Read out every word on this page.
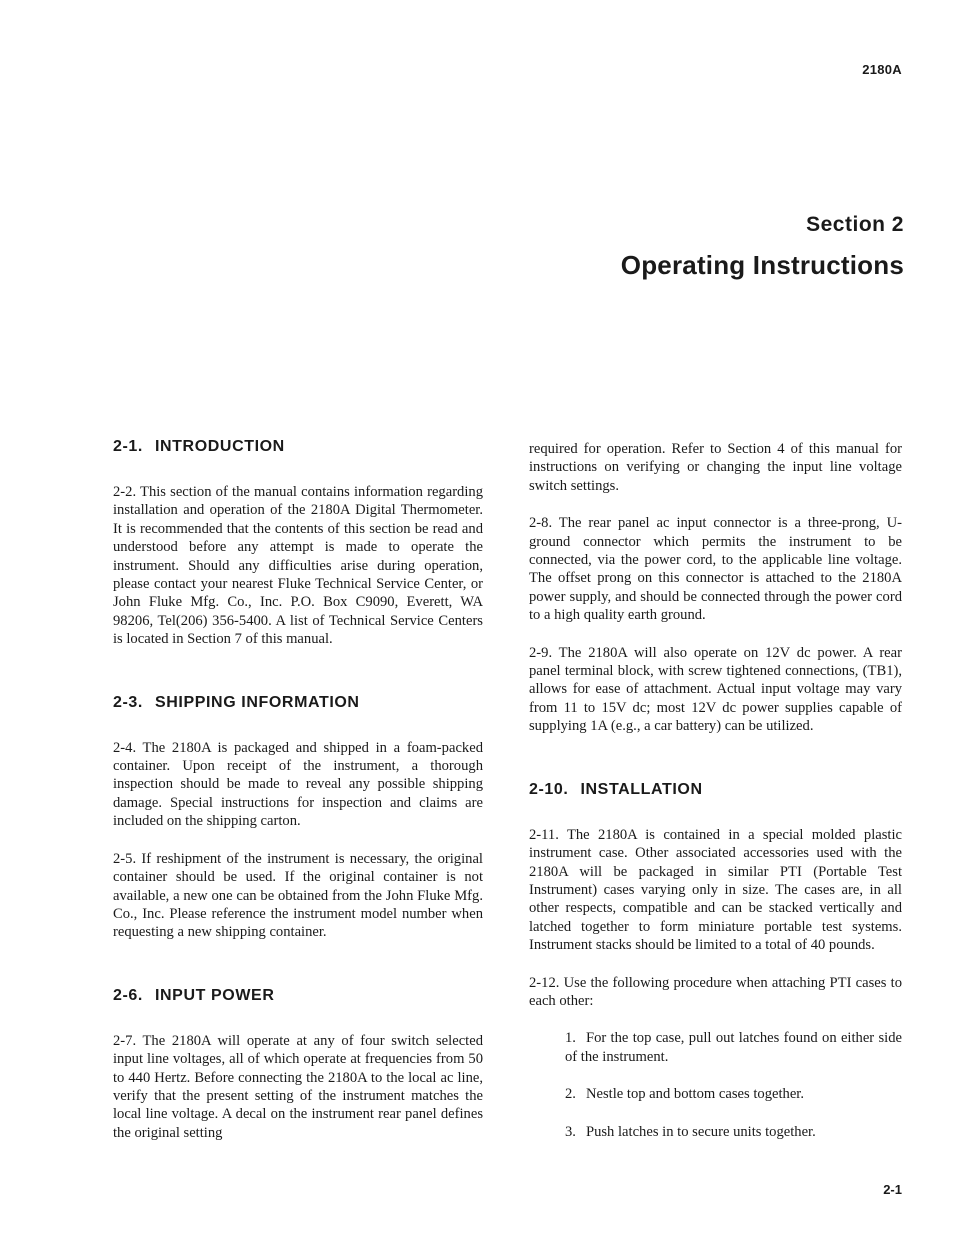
2180A
Section 2
Operating Instructions
2-1. INTRODUCTION

2-2. This section of the manual contains information regarding installation and operation of the 2180A Digital Thermometer. It is recommended that the contents of this section be read and understood before any attempt is made to operate the instrument. Should any difficulties arise during operation, please contact your nearest Fluke Technical Service Center, or John Fluke Mfg. Co., Inc. P.O. Box C9090, Everett, WA 98206, Tel(206) 356-5400. A list of Technical Service Centers is located in Section 7 of this manual.

2-3. SHIPPING INFORMATION

2-4. The 2180A is packaged and shipped in a foam-packed container. Upon receipt of the instrument, a thorough inspection should be made to reveal any possible shipping damage. Special instructions for inspection and claims are included on the shipping carton.

2-5. If reshipment of the instrument is necessary, the original container should be used. If the original container is not available, a new one can be obtained from the John Fluke Mfg. Co., Inc. Please reference the instrument model number when requesting a new shipping container.

2-6. INPUT POWER

2-7. The 2180A will operate at any of four switch selected input line voltages, all of which operate at frequencies from 50 to 440 Hertz. Before connecting the 2180A to the local ac line, verify that the present setting of the instrument matches the local line voltage. A decal on the instrument rear panel defines the original setting

required for operation. Refer to Section 4 of this manual for instructions on verifying or changing the input line voltage switch settings.

2-8. The rear panel ac input connector is a three-prong, U-ground connector which permits the instrument to be connected, via the power cord, to the applicable line voltage. The offset prong on this connector is attached to the 2180A power supply, and should be connected through the power cord to a high quality earth ground.

2-9. The 2180A will also operate on 12V dc power. A rear panel terminal block, with screw tightened connections, (TB1), allows for ease of attachment. Actual input voltage may vary from 11 to 15V dc; most 12V dc power supplies capable of supplying 1A (e.g., a car battery) can be utilized.

2-10. INSTALLATION

2-11. The 2180A is contained in a special molded plastic instrument case. Other associated accessories used with the 2180A will be packaged in similar PTI (Portable Test Instrument) cases varying only in size. The cases are, in all other respects, compatible and can be stacked vertically and latched together to form miniature portable test systems. Instrument stacks should be limited to a total of 40 pounds.

2-12. Use the following procedure when attaching PTI cases to each other:

1. For the top case, pull out latches found on either side of the instrument.
2. Nestle top and bottom cases together.
3. Push latches in to secure units together.
2-1
